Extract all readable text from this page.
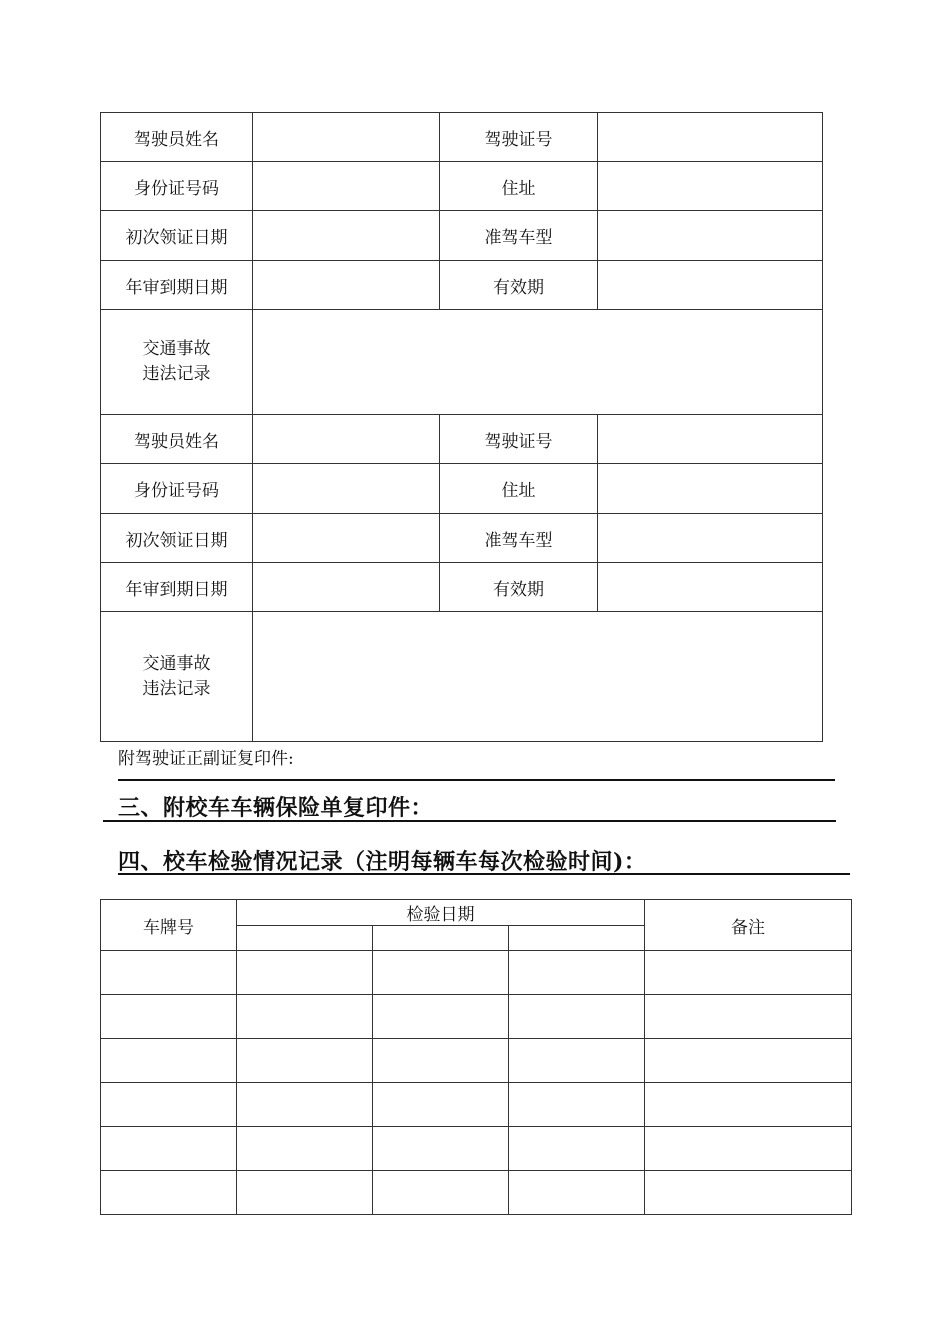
驾驶员姓名		驾驶证号	
身份证号码		住址	
初次领证日期		准驾车型	
年审到期日期		有效期	

交通事故
违法记录			

驾驶员姓名		驾驶证号	
身份证号码		住址	
初次领证日期		准驾车型	
年审到期日期		有效期	

交通事故
违法记录			

附驾驶证正副证复印件:
三、附校车车辆保险单复印件：
四、校车检验情况记录（注明每辆车每次检验时间)：
车牌号	检验日期			备注
